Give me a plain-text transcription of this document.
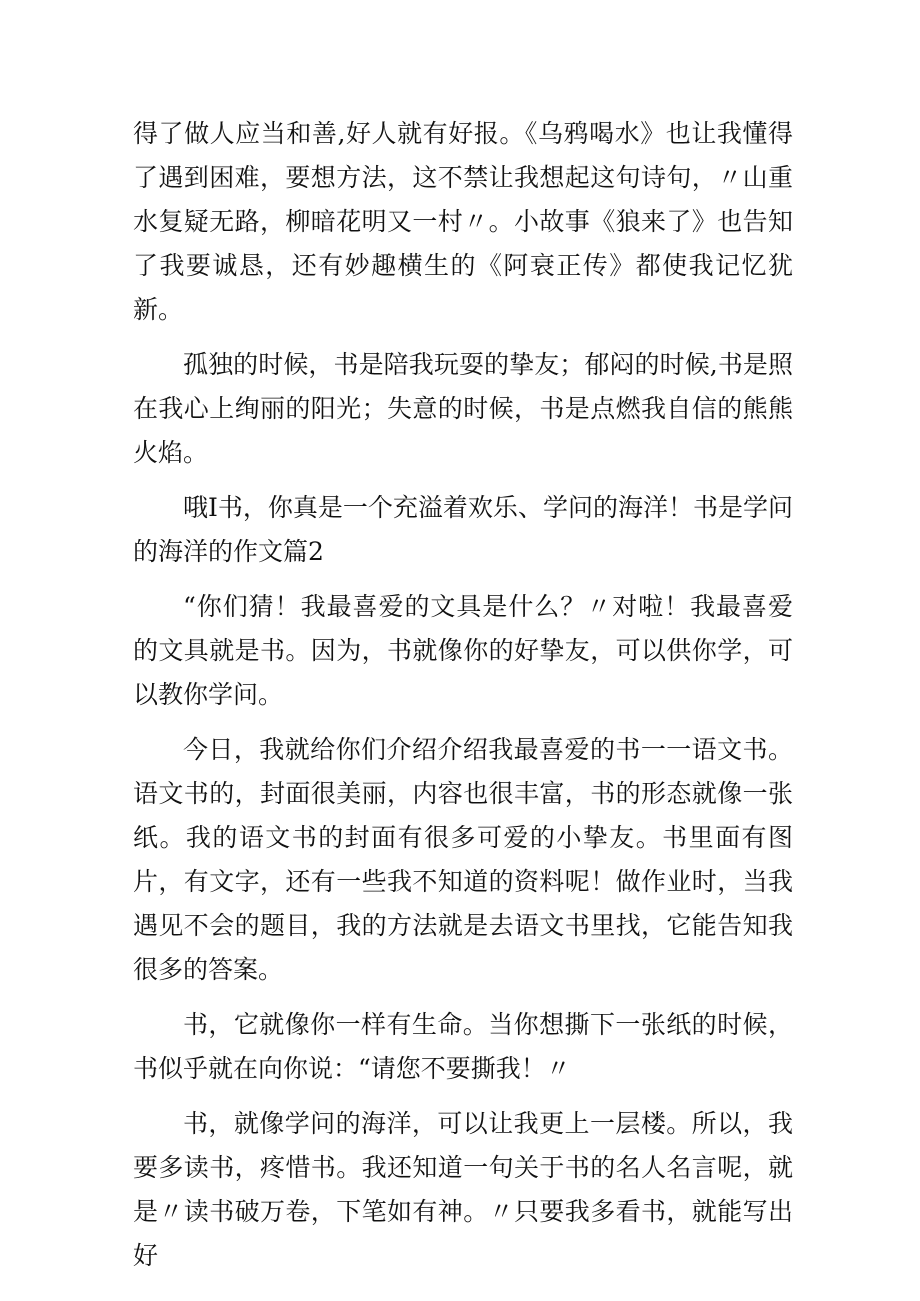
得了做人应当和善,好人就有好报。《乌鸦喝水》也让我懂得了遇到困难，要想方法，这不禁让我想起这句诗句，〃山重水复疑无路，柳暗花明又一村〃。小故事《狼来了》也告知了我要诚恳，还有妙趣横生的《阿衰正传》都使我记忆犹新。

孤独的时候，书是陪我玩耍的挚友；郁闷的时候,书是照在我心上绚丽的阳光；失意的时候，书是点燃我自信的熊熊火焰。

哦I书，你真是一个充溢着欢乐、学问的海洋！书是学问的海洋的作文篇2

“你们猜！我最喜爱的文具是什么？〃对啦！我最喜爱的文具就是书。因为，书就像你的好挚友，可以供你学，可以教你学问。

今日，我就给你们介绍介绍我最喜爱的书一一语文书。语文书的，封面很美丽，内容也很丰富，书的形态就像一张纸。我的语文书的封面有很多可爱的小挚友。书里面有图片，有文字，还有一些我不知道的资料呢！做作业时，当我遇见不会的题目，我的方法就是去语文书里找，它能告知我很多的答案。

书，它就像你一样有生命。当你想撕下一张纸的时候，书似乎就在向你说：“请您不要撕我！〃

书，就像学问的海洋，可以让我更上一层楼。所以，我要多读书，疼惜书。我还知道一句关于书的名人名言呢，就是〃读书破万卷，下笔如有神。〃只要我多看书，就能写出好
